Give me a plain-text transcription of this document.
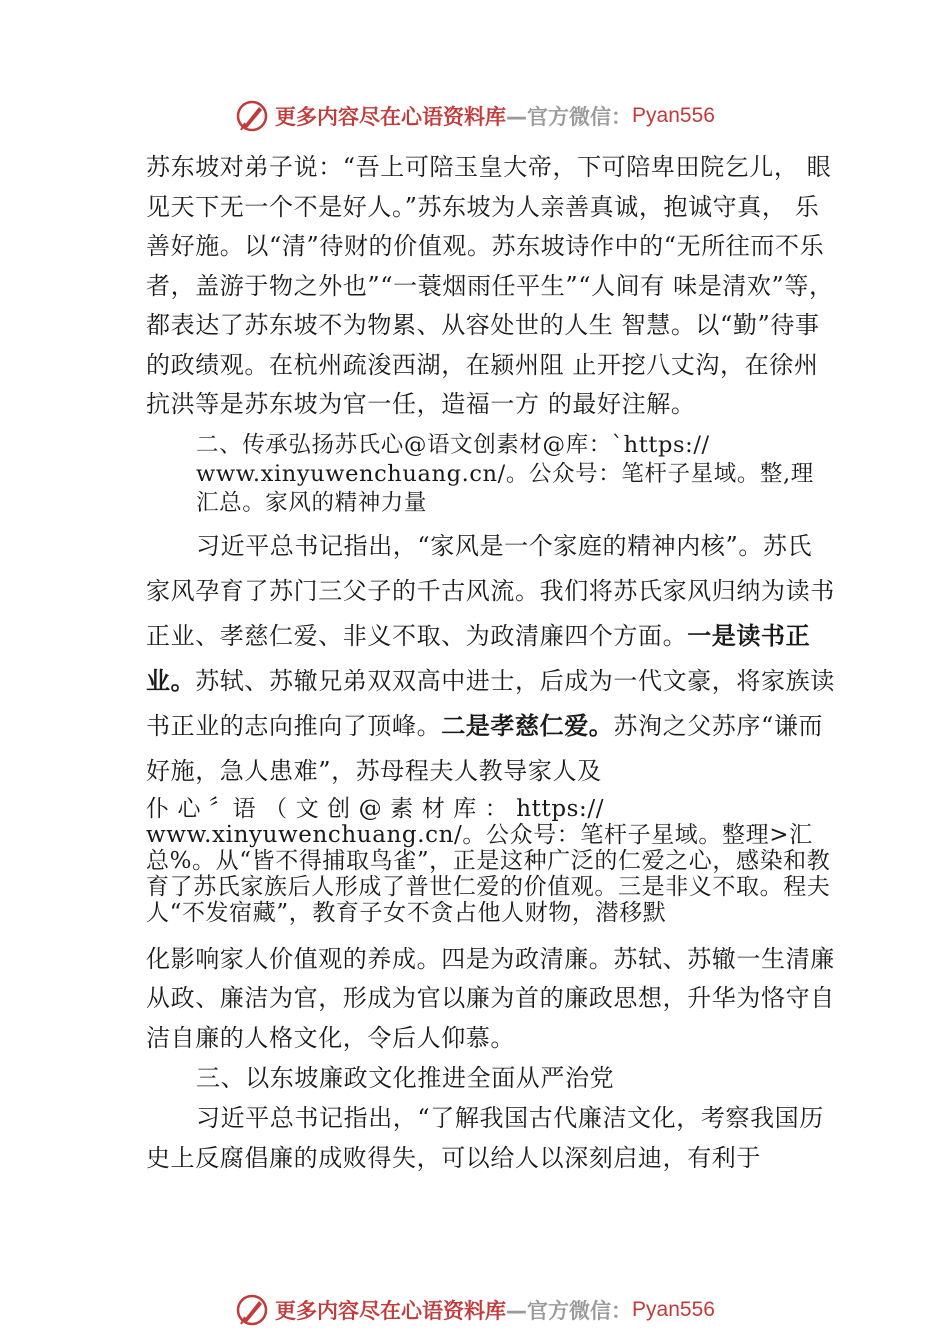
更多内容尽在心语资料库 —官方微信： Pyan556

苏东坡对弟子说：“吾上可陪玉皇大帝，下可陪卑田院乞儿， 眼见天下无一个不是好人。”苏东坡为人亲善真诚，抱诚守真， 乐善好施。以“清”待财的价值观。苏东坡诗作中的“无所往而不乐者，盖游于物之外也”“一蓑烟雨任平生”“人间有 味是清欢”等，都表达了苏东坡不为物累、从容处世的人生 智慧。以“勤”待事的政绩观。在杭州疏浚西湖，在颍州阻 止开挖八丈沟，在徐州抗洪等是苏东坡为官一任，造福一方 的最好注解。

二、传承弘扬苏氏心@语文创素材@库：`https:// www.xinyuwenchuang.cn/。公众号：笔杆子星域。整,理汇总。家风的精神力量

习近平总书记指出，“家风是一个家庭的精神内核”。苏氏家风孕育了苏门三父子的千古风流。我们将苏氏家风归纳为读书正业、孝慈仁爱、非义不取、为政清廉四个方面。一是读书正业。苏轼、苏辙兄弟双双高中进士，后成为一代文豪，将家族读书正业的志向推向了顶峰。二是孝慈仁爱。苏洵之父苏序“谦而好施，急人患难”，苏母程夫人教导家人及

仆 心 〞语 （ 文 创 @ 素 材 库 ： https:// www.xinyuwenchuang.cn/。公众号：笔杆子星域。整理>汇总%。从“皆不得捕取鸟雀”，正是这种广泛的仁爱之心，感染和教育了苏氏家族后人形成了普世仁爱的价值观。三是非义不取。程夫人“不发宿藏”，教育子女不贪占他人财物，潜移默

化影响家人价值观的养成。四是为政清廉。苏轼、苏辙一生清廉从政、廉洁为官，形成为官以廉为首的廉政思想，升华为恪守自洁自廉的人格文化，令后人仰慕。

三、以东坡廉政文化推进全面从严治党

习近平总书记指出，“了解我国古代廉洁文化，考察我国历史上反腐倡廉的成败得失，可以给人以深刻启迪，有利于

更多内容尽在心语资料库 —官方微信： Pyan556
